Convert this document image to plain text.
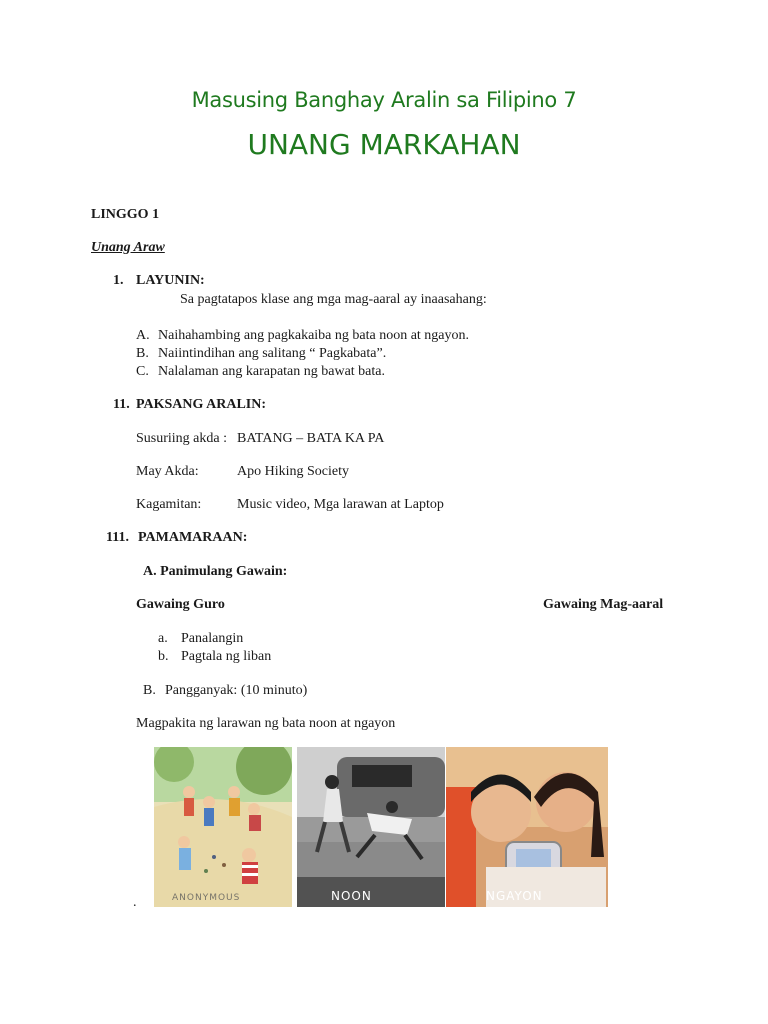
Masusing Banghay Aralin sa Filipino 7
UNANG MARKAHAN
LINGGO 1
Unang Araw
1. LAYUNIN:
Sa pagtatapos klase ang mga mag-aaral ay inaasahang:
A. Naihahambing ang pagkakaiba ng bata noon at ngayon.
B. Naiintindihan ang salitang “ Pagkabata”.
C. Nalalaman ang karapatan ng bawat bata.
11. PAKSANG ARALIN:
Susuriing akda : BATANG – BATA KA PA
May Akda:	Apo Hiking Society
Kagamitan:	Music video, Mga larawan at Laptop
111. PAMAMARAAN:
A. Panimulang Gawain:
Gawaing Guro	Gawaing Mag-aaral
a. Panalangin
b. Pagtala ng liban
B. Pangganyak: (10 minuto)
Magpakita ng larawan ng bata noon at ngayon
ANONYMOUS	NOON	NGAYON
.
